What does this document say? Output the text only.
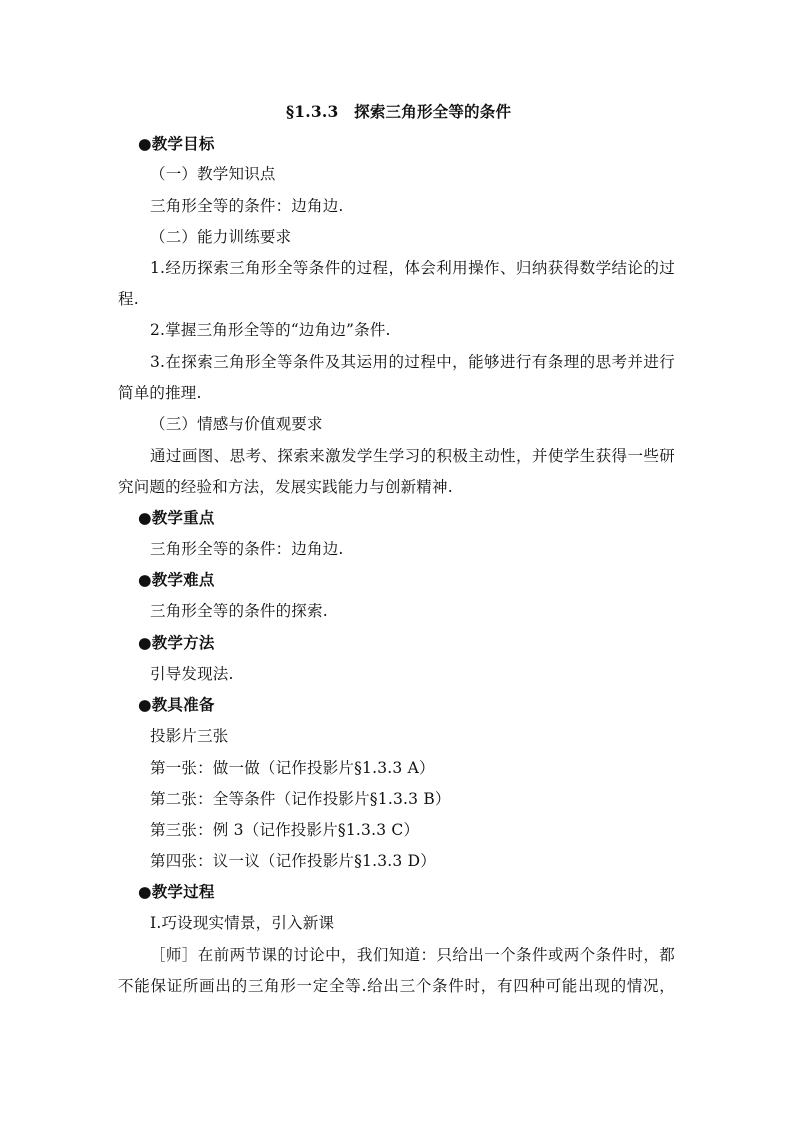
§1.3.3　探索三角形全等的条件
●教学目标
（一）教学知识点
三角形全等的条件：边角边.
（二）能力训练要求
1.经历探索三角形全等条件的过程，体会利用操作、归纳获得数学结论的过
程.
2.掌握三角形全等的“边角边”条件.
3.在探索三角形全等条件及其运用的过程中，能够进行有条理的思考并进行
简单的推理.
（三）情感与价值观要求
通过画图、思考、探索来激发学生学习的积极主动性，并使学生获得一些研
究问题的经验和方法，发展实践能力与创新精神.
●教学重点
三角形全等的条件：边角边.
●教学难点
三角形全等的条件的探索.
●教学方法
引导发现法.
●教具准备
投影片三张
第一张：做一做（记作投影片§1.3.3 A）
第二张：全等条件（记作投影片§1.3.3 B）
第三张：例 3（记作投影片§1.3.3 C）
第四张：议一议（记作投影片§1.3.3 D）
●教学过程
Ⅰ.巧设现实情景，引入新课
［师］在前两节课的讨论中，我们知道：只给出一个条件或两个条件时，都
不能保证所画出的三角形一定全等.给出三个条件时，有四种可能出现的情况，
